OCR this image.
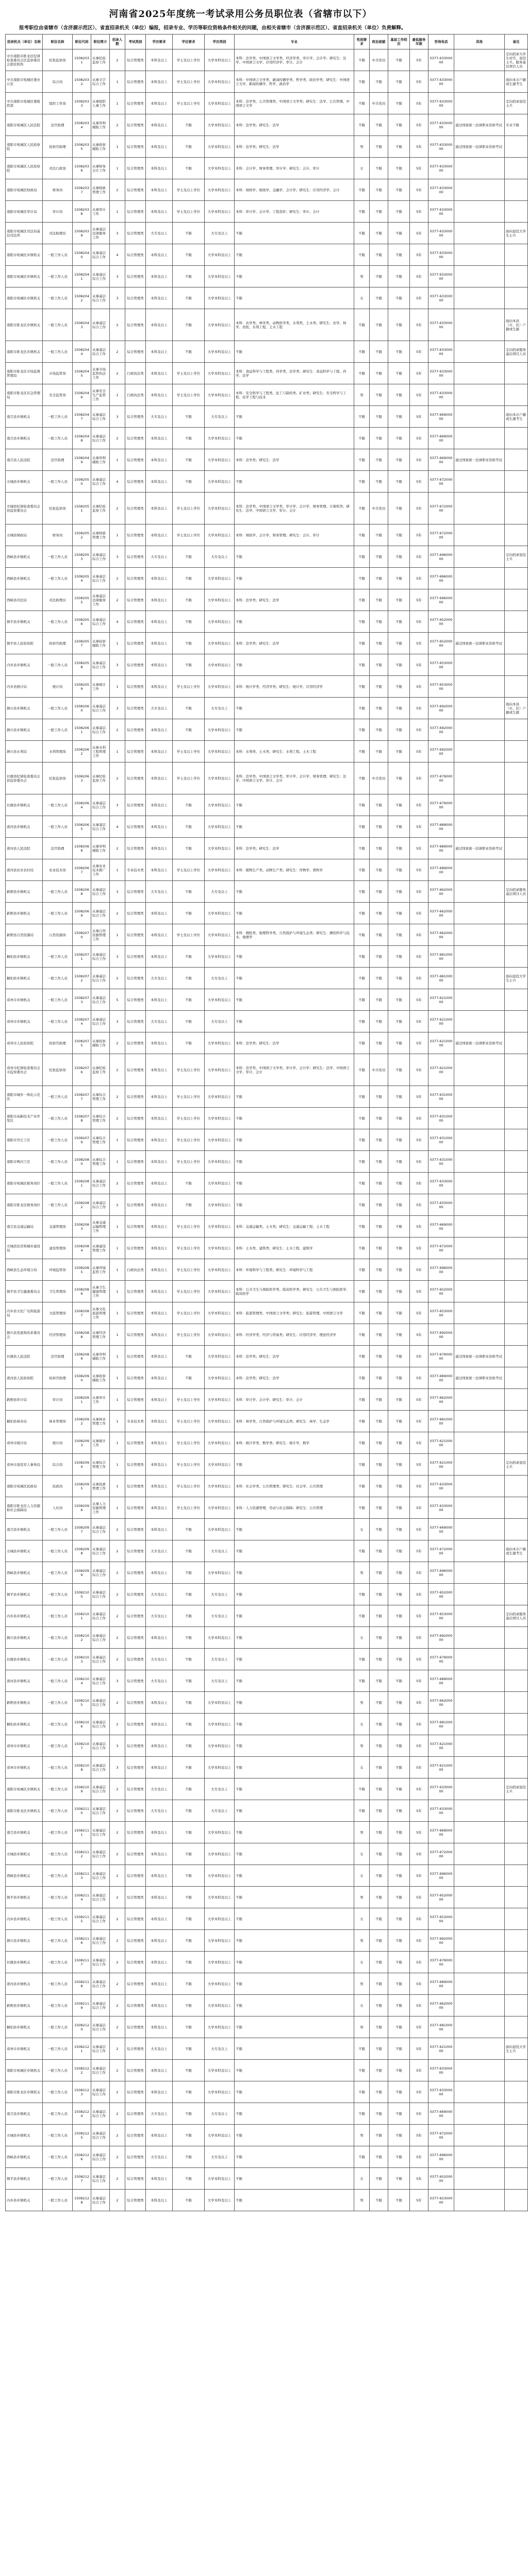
河南省2025年度统一考试录用公务员职位表（省辖市以下）
报考职位由省辖市（含济源示范区）、省直招录机关（单位）编报，招录专业、学历等职位资格条件相关的问题，由相关省辖市（含济源示范区）、省直招录机关（单位）负责解释。
招录机关（单位）名称	职位名称	职位代码	职位简介	招录人数	考试类别	学历要求	学位要求	学历类别	专业	性别要求	政治面貌	基层工作经历	最低服务年限	咨询电话	其他	备注
中共南阳市卧龙区纪律检查委员会区监察委员会派驻机构	纪检监察岗	15082031	从事纪检监察工作	2	综合管理类	本科及以上	学士及以上学位	大学本科及以上	本科：法学类、中国语言文学类、经济学类、审计学、会计学；研究生：法学、中国语言文学、应用经济学、审计、会计	不限	中共党员	不限	5年	0377-63300000		定向招录大学生村官、退役士兵、服务基层项目人员
中共南阳市宛城区委办公室	综合岗	15082032	从事文字综合工作	1	综合管理类	本科及以上	学士及以上学位	大学本科及以上	本科：中国语言文学类、新闻传播学类、哲学类、政治学类；研究生：中国语言文学、新闻传播学、哲学、政治学	不限	不限	不限	5年	0377-63300000		面向本市户籍或生源考生
中共南阳市宛城区委组织部	组织工作岗	15082033	从事组织人事工作	1	综合管理类	本科及以上	学士及以上学位	大学本科及以上	本科：法学类、公共管理类、中国语言文学类；研究生：法学、公共管理、中国语言文学	不限	中共党员	不限	5年	0377-63300000		定向招录退役士兵
南阳市宛城区人民法院	法官助理	15082034	从事审判辅助工作	2	综合管理类	本科及以上	不限	大学本科及以上	本科：法学类；研究生：法学	不限	不限	不限	5年	0377-63300000	通过国家统一法律职业资格考试	专业不限
南阳市宛城区人民检察院	检察官助理	15082035	从事检察辅助工作	1	综合管理类	本科及以上	不限	大学本科及以上	本科：法学类；研究生：法学	男	不限	不限	5年	0377-63300000	通过国家统一法律职业资格考试	
南阳市宛城区人民检察院	司法行政岗	15082036	从事财务会计工作	1	综合管理类	本科及以上	不限	大学本科及以上	本科：会计学、财务管理、审计学；研究生：会计、审计	女	不限	不限	5年	0377-63300000		
南阳市宛城区财政局	财务岗	15082037	从事财政管理工作	2	综合管理类	本科及以上	学士及以上学位	大学本科及以上	本科：财政学、税收学、金融学、会计学；研究生：应用经济学、会计	不限	不限	不限	5年	0377-63300000		
南阳市宛城区审计局	审计岗	15082038	从事审计工作	1	综合管理类	本科及以上	学士及以上学位	大学本科及以上	本科：审计学、会计学、工程造价；研究生：审计、会计	不限	不限	不限	5年	0377-63300000		
南阳市宛城区司法局基层司法所	司法助理员	15082039	从事基层法律服务工作	3	综合管理类	大专及以上	不限	大专及以上	不限	不限	不限	不限	5年	0377-63300000		面向退役大学生士兵
南阳市宛城区乡镇机关	一般工作人员	15082040	从事基层综合工作	4	综合管理类	本科及以上	不限	大学本科及以上	不限	不限	不限	不限	5年	0377-63300000		
南阳市宛城区乡镇机关	一般工作人员	15082041	从事基层综合工作	3	综合管理类	本科及以上	不限	大学本科及以上	不限	男	不限	不限	5年	0377-63300000		
南阳市宛城区乡镇机关	一般工作人员	15082042	从事基层综合工作	3	综合管理类	本科及以上	不限	大学本科及以上	不限	女	不限	不限	5年	0377-63300000		
南阳市卧龙区乡镇机关	一般工作人员	15082043	从事基层综合工作	2	综合管理类	本科及以上	不限	大学本科及以上	本科：农学类、林学类、动物医学类、水利类、土木类；研究生：农学、林学、兽医、水利工程、土木工程	不限	不限	不限	5年	0377-63300000		面向本县（市、区）户籍或生源
南阳市卧龙区乡镇机关	一般工作人员	15082044	从事基层综合工作	2	综合管理类	本科及以上	不限	大学本科及以上	不限	不限	不限	不限	5年	0377-63300000		定向招录服务基层项目人员
南阳市卧龙区市场监督管理局	市场监管岗	15082045	从事市场监管执法工作	2	行政执法类	本科及以上	学士及以上学位	大学本科及以上	本科：食品科学与工程类、药学类、法学类；研究生：食品科学与工程、药学、法学	不限	不限	不限	5年	0377-63300000		
南阳市卧龙区应急管理局	安全监管岗	15082046	从事安全生产监管工作	1	行政执法类	本科及以上	学士及以上学位	大学本科及以上	本科：安全科学与工程类、化工与制药类、矿业类；研究生：安全科学与工程、化学工程与技术	男	不限	不限	5年	0377-63300000		
南召县乡镇机关	一般工作人员	15082047	从事基层综合工作	3	综合管理类	大专及以上	不限	大专及以上	不限	不限	不限	不限	5年	0377-66900000		面向本市户籍或生源考生
南召县乡镇机关	一般工作人员	15082048	从事基层综合工作	2	综合管理类	本科及以上	不限	大学本科及以上	不限	不限	不限	不限	5年	0377-66900000		
南召县人民法院	法官助理	15082049	从事审判辅助工作	1	综合管理类	本科及以上	不限	大学本科及以上	本科：法学类；研究生：法学	不限	不限	不限	5年	0377-66900000	通过国家统一法律职业资格考试	
方城县乡镇机关	一般工作人员	15082050	从事基层综合工作	4	综合管理类	本科及以上	不限	大学本科及以上	不限	不限	不限	不限	5年	0377-67200000		
方城县纪律检查委员会县监察委员会	纪检监察岗	15082051	从事纪检监察工作	2	综合管理类	本科及以上	学士及以上学位	大学本科及以上	本科：法学类、中国语言文学类、审计学、会计学、财务管理、计算机类；研究生：法学、中国语言文学、审计、会计	不限	中共党员	不限	5年	0377-67200000		
方城县财政局	财务岗	15082052	从事财政管理工作	1	综合管理类	本科及以上	学士及以上学位	大学本科及以上	本科：财政学、会计学、财务管理；研究生：会计、审计	不限	不限	不限	5年	0377-67200000		
西峡县乡镇机关	一般工作人员	15082053	从事基层综合工作	3	综合管理类	大专及以上	不限	大专及以上	不限	不限	不限	不限	5年	0377-69600000		定向招录退役士兵
西峡县乡镇机关	一般工作人员	15082054	从事基层综合工作	2	综合管理类	本科及以上	不限	大学本科及以上	不限	不限	不限	不限	5年	0377-69600000		
西峡县司法局	司法助理员	15082055	从事基层法律服务工作	2	综合管理类	本科及以上	不限	大学本科及以上	本科：法学类；研究生：法学	不限	不限	不限	5年	0377-69600000		
镇平县乡镇机关	一般工作人员	15082056	从事基层综合工作	4	综合管理类	本科及以上	不限	大学本科及以上	不限	不限	不限	不限	5年	0377-65200000		
镇平县人民检察院	检察官助理	15082057	从事检察辅助工作	1	综合管理类	本科及以上	不限	大学本科及以上	本科：法学类；研究生：法学	不限	不限	不限	5年	0377-65200000	通过国家统一法律职业资格考试	
内乡县乡镇机关	一般工作人员	15082058	从事基层综合工作	3	综合管理类	本科及以上	不限	大学本科及以上	不限	不限	不限	不限	5年	0377-65300000		
内乡县统计局	统计岗	15082059	从事统计工作	1	综合管理类	本科及以上	学士及以上学位	大学本科及以上	本科：统计学类、经济学类；研究生：统计学、应用经济学	不限	不限	不限	5年	0377-65300000		
淅川县乡镇机关	一般工作人员	15082060	从事基层综合工作	3	综合管理类	大专及以上	不限	大专及以上	不限	不限	不限	不限	5年	0377-69200000		面向本县（市、区）户籍或生源
淅川县乡镇机关	一般工作人员	15082061	从事基层综合工作	2	综合管理类	本科及以上	不限	大学本科及以上	不限	不限	不限	不限	5年	0377-69200000		
淅川县水利局	水利管理岗	15082062	从事水利工程管理工作	1	综合管理类	本科及以上	学士及以上学位	大学本科及以上	本科：水利类、土木类；研究生：水利工程、土木工程	不限	不限	不限	5年	0377-69200000		
社旗县纪律检查委员会县监察委员会	纪检监察岗	15082063	从事纪检监察工作	2	综合管理类	本科及以上	学士及以上学位	大学本科及以上	本科：法学类、中国语言文学类、审计学、会计学、财务管理；研究生：法学、中国语言文学、审计、会计	不限	中共党员	不限	5年	0377-67900000		
社旗县乡镇机关	一般工作人员	15082064	从事基层综合工作	3	综合管理类	本科及以上	不限	大学本科及以上	不限	不限	不限	不限	5年	0377-67900000		
唐河县乡镇机关	一般工作人员	15082065	从事基层综合工作	4	综合管理类	本科及以上	不限	大学本科及以上	不限	不限	不限	不限	5年	0377-68900000		
唐河县人民法院	法官助理	15082066	从事审判辅助工作	2	综合管理类	本科及以上	不限	大学本科及以上	本科：法学类；研究生：法学	不限	不限	不限	5年	0377-68900000	通过国家统一法律职业资格考试	
唐河县农业农村局	农业技术岗	15082067	从事农业技术推广工作	1	专业技术类	本科及以上	学士及以上学位	大学本科及以上	本科：植物生产类、动物生产类；研究生：作物学、畜牧学	不限	不限	不限	5年	0377-68900000		
新野县乡镇机关	一般工作人员	15082068	从事基层综合工作	3	综合管理类	大专及以上	不限	大专及以上	不限	不限	不限	不限	5年	0377-66200000		定向招录服务基层项目人员
新野县乡镇机关	一般工作人员	15082069	从事基层综合工作	2	综合管理类	本科及以上	不限	大学本科及以上	不限	不限	不限	不限	5年	0377-66200000		
新野县自然资源局	自然资源岗	15082070	从事自然资源管理工作	1	综合管理类	本科及以上	学士及以上学位	大学本科及以上	本科：测绘类、地理科学类、自然保护与环境生态类；研究生：测绘科学与技术、地理学	不限	不限	不限	5年	0377-66200000		
桐柏县乡镇机关	一般工作人员	15082071	从事基层综合工作	3	综合管理类	本科及以上	不限	大学本科及以上	不限	不限	不限	不限	5年	0377-68100000		
桐柏县乡镇机关	一般工作人员	15082072	从事基层综合工作	2	综合管理类	大专及以上	不限	大专及以上	不限	不限	不限	不限	5年	0377-68100000		面向退役大学生士兵
邓州市乡镇机关	一般工作人员	15082073	从事基层综合工作	5	综合管理类	本科及以上	不限	大学本科及以上	不限	不限	不限	不限	5年	0377-62100000		
邓州市乡镇机关	一般工作人员	15082074	从事基层综合工作	3	综合管理类	大专及以上	不限	大专及以上	不限	不限	不限	不限	5年	0377-62100000		
邓州市人民检察院	检察官助理	15082075	从事检察辅助工作	2	综合管理类	本科及以上	不限	大学本科及以上	本科：法学类；研究生：法学	不限	不限	不限	5年	0377-62100000	通过国家统一法律职业资格考试	
邓州市纪律检查委员会市监察委员会	纪检监察岗	15082076	从事纪检监察工作	2	综合管理类	本科及以上	学士及以上学位	大学本科及以上	本科：法学类、中国语言文学类、审计学、会计学；研究生：法学、中国语言文学、审计、会计	不限	中共党员	不限	5年	0377-62100000		
南阳市城乡一体化示范区	一般工作人员	15082077	从事综合管理工作	2	综合管理类	本科及以上	学士及以上学位	大学本科及以上	不限	不限	不限	不限	5年	0377-63100000		
南阳市高新技术产业开发区	一般工作人员	15082078	从事综合管理工作	2	综合管理类	本科及以上	学士及以上学位	大学本科及以上	不限	不限	不限	不限	5年	0377-63100000		
南阳市官庄工区	一般工作人员	15082079	从事综合管理工作	1	综合管理类	本科及以上	学士及以上学位	大学本科及以上	不限	不限	不限	不限	5年	0377-63100000		
南阳市鸭河工区	一般工作人员	15082080	从事综合管理工作	1	综合管理类	本科及以上	学士及以上学位	大学本科及以上	不限	不限	不限	不限	5年	0377-63100000		
南阳市宛城区税务岗位	一般工作人员	15082081	从事基层综合工作	2	综合管理类	本科及以上	不限	大学本科及以上	不限	不限	不限	不限	5年	0377-63300000		
南阳市卧龙区税务岗位	一般工作人员	15082082	从事基层综合工作	2	综合管理类	本科及以上	不限	大学本科及以上	不限	不限	不限	不限	5年	0377-63300000		
南召县交通运输局	交通管理岗	15082083	从事交通运输管理工作	1	综合管理类	本科及以上	学士及以上学位	大学本科及以上	本科：交通运输类、土木类；研究生：交通运输工程、土木工程	不限	不限	不限	5年	0377-66900000		
方城县住房和城乡建设局	建设管理岗	15082084	从事建设管理工作	1	综合管理类	本科及以上	学士及以上学位	大学本科及以上	本科：土木类、建筑类；研究生：土木工程、建筑学	不限	不限	不限	5年	0377-67200000		
西峡县生态环境分局	环境监管岗	15082085	从事环境监管工作	1	行政执法类	本科及以上	学士及以上学位	大学本科及以上	本科：环境科学与工程类；研究生：环境科学与工程	不限	不限	不限	5年	0377-69600000		
镇平县卫生健康委员会	卫生管理岗	15082086	从事卫生健康管理工作	1	综合管理类	本科及以上	学士及以上学位	大学本科及以上	本科：公共卫生与预防医学类、临床医学类；研究生：公共卫生与预防医学、临床医学	不限	不限	不限	5年	0377-65200000		
内乡县文化广电和旅游局	文旅管理岗	15082087	从事文化旅游管理工作	1	综合管理类	本科及以上	学士及以上学位	大学本科及以上	本科：旅游管理类、中国语言文学类；研究生：旅游管理、中国语言文学	不限	不限	不限	5年	0377-65300000		
淅川县发展和改革委员会	经济管理岗	15082088	从事经济管理工作	1	综合管理类	本科及以上	学士及以上学位	大学本科及以上	本科：经济学类、经济与贸易类；研究生：应用经济学、理论经济学	不限	不限	不限	5年	0377-69200000		
社旗县人民法院	法官助理	15082089	从事审判辅助工作	1	综合管理类	本科及以上	不限	大学本科及以上	本科：法学类；研究生：法学	不限	不限	不限	5年	0377-67900000	通过国家统一法律职业资格考试	
唐河县人民检察院	检察官助理	15082090	从事检察辅助工作	1	综合管理类	本科及以上	不限	大学本科及以上	本科：法学类；研究生：法学	不限	不限	不限	5年	0377-68900000	通过国家统一法律职业资格考试	
新野县审计局	审计岗	15082091	从事审计工作	1	综合管理类	本科及以上	学士及以上学位	大学本科及以上	本科：审计学、会计学；研究生：审计、会计	不限	不限	不限	5年	0377-66200000		
桐柏县林业局	林业管理岗	15082092	从事林业管理工作	1	专业技术类	本科及以上	学士及以上学位	大学本科及以上	本科：林学类、自然保护与环境生态类；研究生：林学、生态学	不限	不限	不限	5年	0377-68100000		
邓州市统计局	统计岗	15082093	从事统计工作	1	综合管理类	本科及以上	学士及以上学位	大学本科及以上	本科：统计学类、数学类；研究生：统计学、数学	不限	不限	不限	5年	0377-62100000		
邓州市退役军人事务局	综合岗	15082094	从事综合管理工作	1	综合管理类	本科及以上	学士及以上学位	大学本科及以上	不限	不限	不限	不限	5年	0377-62100000		定向招录退役士兵
南阳市宛城区民政局	民政岗	15082095	从事民政管理工作	1	综合管理类	本科及以上	学士及以上学位	大学本科及以上	本科：社会学类、公共管理类；研究生：社会学、公共管理	不限	不限	不限	5年	0377-63300000		
南阳市卧龙区人力资源和社会保障局	人社岗	15082096	从事人力资源管理工作	1	综合管理类	本科及以上	学士及以上学位	大学本科及以上	本科：人力资源管理、劳动与社会保障；研究生：公共管理	不限	不限	不限	5年	0377-63300000		
南召县乡镇机关	一般工作人员	15082097	从事基层综合工作	2	综合管理类	本科及以上	不限	大学本科及以上	不限	女	不限	不限	5年	0377-66900000		
方城县乡镇机关	一般工作人员	15082098	从事基层综合工作	2	综合管理类	大专及以上	不限	大专及以上	不限	不限	不限	不限	5年	0377-67200000		面向本市户籍或生源考生
西峡县乡镇机关	一般工作人员	15082099	从事基层综合工作	2	综合管理类	本科及以上	不限	大学本科及以上	不限	男	不限	不限	5年	0377-69600000		
镇平县乡镇机关	一般工作人员	15082100	从事基层综合工作	2	综合管理类	大专及以上	不限	大专及以上	不限	不限	不限	不限	5年	0377-65200000		
内乡县乡镇机关	一般工作人员	15082101	从事基层综合工作	2	综合管理类	大专及以上	不限	大专及以上	不限	不限	不限	不限	5年	0377-65300000		定向招录服务基层项目人员
淅川县乡镇机关	一般工作人员	15082102	从事基层综合工作	2	综合管理类	本科及以上	不限	大学本科及以上	不限	女	不限	不限	5年	0377-69200000		
社旗县乡镇机关	一般工作人员	15082103	从事基层综合工作	2	综合管理类	大专及以上	不限	大专及以上	不限	不限	不限	不限	5年	0377-67900000		
唐河县乡镇机关	一般工作人员	15082104	从事基层综合工作	3	综合管理类	大专及以上	不限	大专及以上	不限	不限	不限	不限	5年	0377-68900000		
新野县乡镇机关	一般工作人员	15082105	从事基层综合工作	2	综合管理类	本科及以上	不限	大学本科及以上	不限	男	不限	不限	5年	0377-66200000		
桐柏县乡镇机关	一般工作人员	15082106	从事基层综合工作	2	综合管理类	本科及以上	不限	大学本科及以上	不限	女	不限	不限	5年	0377-68100000		
邓州市乡镇机关	一般工作人员	15082107	从事基层综合工作	3	综合管理类	本科及以上	不限	大学本科及以上	不限	男	不限	不限	5年	0377-62100000		
邓州市乡镇机关	一般工作人员	15082108	从事基层综合工作	3	综合管理类	本科及以上	不限	大学本科及以上	不限	女	不限	不限	5年	0377-62100000		
南阳市宛城区乡镇机关	一般工作人员	15082109	从事基层综合工作	2	综合管理类	大专及以上	不限	大专及以上	不限	不限	不限	不限	5年	0377-63300000		定向招录退役士兵
南阳市卧龙区乡镇机关	一般工作人员	15082110	从事基层综合工作	2	综合管理类	大专及以上	不限	大专及以上	不限	不限	不限	不限	5年	0377-63300000		
南召县乡镇机关	一般工作人员	15082111	从事基层综合工作	2	综合管理类	本科及以上	不限	大学本科及以上	不限	男	不限	不限	5年	0377-66900000		
方城县乡镇机关	一般工作人员	15082112	从事基层综合工作	2	综合管理类	本科及以上	不限	大学本科及以上	不限	女	不限	不限	5年	0377-67200000		
西峡县乡镇机关	一般工作人员	15082113	从事基层综合工作	2	综合管理类	本科及以上	不限	大学本科及以上	不限	女	不限	不限	5年	0377-69600000		
镇平县乡镇机关	一般工作人员	15082114	从事基层综合工作	2	综合管理类	本科及以上	不限	大学本科及以上	不限	男	不限	不限	5年	0377-65200000		
内乡县乡镇机关	一般工作人员	15082115	从事基层综合工作	2	综合管理类	本科及以上	不限	大学本科及以上	不限	女	不限	不限	5年	0377-65300000		
淅川县乡镇机关	一般工作人员	15082116	从事基层综合工作	2	综合管理类	本科及以上	不限	大学本科及以上	不限	男	不限	不限	5年	0377-69200000		
社旗县乡镇机关	一般工作人员	15082117	从事基层综合工作	2	综合管理类	本科及以上	不限	大学本科及以上	不限	女	不限	不限	5年	0377-67900000		
唐河县乡镇机关	一般工作人员	15082118	从事基层综合工作	2	综合管理类	本科及以上	不限	大学本科及以上	不限	男	不限	不限	5年	0377-68900000		
新野县乡镇机关	一般工作人员	15082119	从事基层综合工作	2	综合管理类	本科及以上	不限	大学本科及以上	不限	女	不限	不限	5年	0377-66200000		
桐柏县乡镇机关	一般工作人员	15082120	从事基层综合工作	2	综合管理类	本科及以上	不限	大学本科及以上	不限	男	不限	不限	5年	0377-68100000		
邓州市乡镇机关	一般工作人员	15082121	从事基层综合工作	2	综合管理类	大专及以上	不限	大专及以上	不限	不限	不限	不限	5年	0377-62100000		面向退役大学生士兵
南阳市宛城区乡镇机关	一般工作人员	15082122	从事基层综合工作	2	综合管理类	本科及以上	不限	大学本科及以上	不限	不限	不限	不限	5年	0377-63300000		
南阳市卧龙区乡镇机关	一般工作人员	15082123	从事基层综合工作	2	综合管理类	本科及以上	不限	大学本科及以上	不限	不限	不限	不限	5年	0377-63300000		
南召县乡镇机关	一般工作人员	15082124	从事基层综合工作	2	综合管理类	大专及以上	不限	大专及以上	不限	不限	不限	不限	5年	0377-66900000		
方城县乡镇机关	一般工作人员	15082125	从事基层综合工作	2	综合管理类	本科及以上	不限	大学本科及以上	不限	男	不限	不限	5年	0377-67200000		
西峡县乡镇机关	一般工作人员	15082126	从事基层综合工作	2	综合管理类	大专及以上	不限	大专及以上	不限	不限	不限	不限	5年	0377-69600000		
镇平县乡镇机关	一般工作人员	15082127	从事基层综合工作	2	综合管理类	本科及以上	不限	大学本科及以上	不限	女	不限	不限	5年	0377-65200000		
内乡县乡镇机关	一般工作人员	15082128	从事基层综合工作	2	综合管理类	本科及以上	不限	大学本科及以上	不限	男	不限	不限	5年	0377-65300000		
